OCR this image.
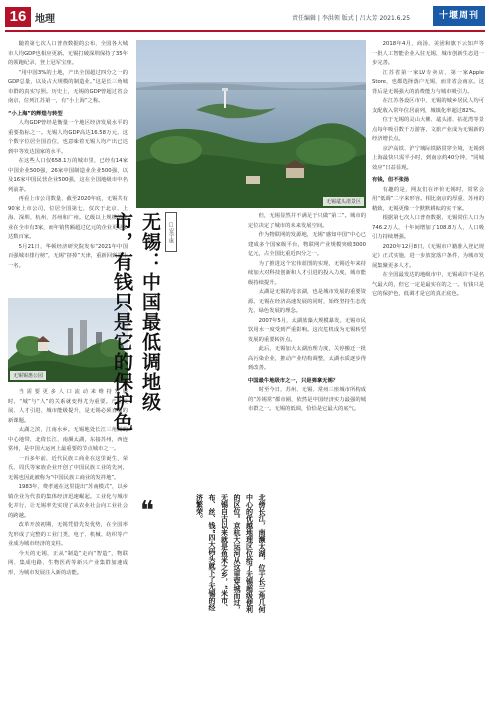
16 地理	责任编辑 | 李洪领 版式 | 吕大芳 2021.6.25	十堰周刊

随着第七次人口普查数据的公布，全国各大城市人均GDP也相应更新。无锡打破深圳保持了35年的领跑纪录，登上冠军宝座。

“用中国3%的土地，产出全国超过四分之一的GDP总量，以及占大规模的制造业。”这是长三角城市群的真实写照。历史上，无锡的GDP曾超过省会南京，位列江苏第一，有“小上海”之称。

“小上海”的辉煌与转型

人均GDP曾经是衡量一个地区经济发展水平的重要指标之一。无锡人均GDP高达16.58万元，这个数字位居全国首位，也意味着无锡人均产出已达到中等发达国家的水平。

在这些人口仅658.1万的城市里，已经有14家中国企业500强，26家中国制造业企业500强，以及16家中国民营企业500强，这在全国地级市中名列前茅。

再看上市公司数量，截至2020年底，无锡共有90家上市公司，位居全国第七，仅次于北京、上海、深圳、杭州、苏州和广州。亿级以上规模的企业在全市有3家，而年销售额超过亿元的企业更是多达数百家。

5月21日，华顿经济研究院发布“2021年中国百强城市排行榜”，无锡“挤掉”天津，重新回到第十一名。

无锡锡惠公园

当需要更多人口流动来维持发展时，“城”与“人”的关系就变得尤为重要。产业发展、人才引进、城市能级提升，是无锡必须直面的新课题。

太湖之滨，江南水乡。无锡地处长江三角洲的中心地带，北倚长江、南濒太湖，东接苏州，西连常州，是中国大运河上最重要的节点城市之一。

一百多年前，近代民族工商业在这里诞生，荣氏、周氏等家族企业开创了中国民族工业的先河，无锡也因此被称为“中国民族工商业的发祥地”。

1983年，费孝通在这里提出“苏南模式”，以乡镇企业为代表的集体经济迅速崛起。工业化与城市化并行，让无锡率先实现了从农业社会向工业社会的跨越。

改革开放初期，无锡凭借先发优势，在全国率先形成了完整的工业门类，电子、机械、纺织等产业成为城市经济的支柱。

今天的无锡，正从“制造”走向“智造”，物联网、集成电路、生物医药等新兴产业集群加速成形，为城市发展注入新的动能。

无锡鼋头渚景区
无锡：中国最低调地级市，有钱只是它的保护色	□安宇康
❝	北傍长江，南濒太湖，位于长三角几何中心的优越地理区位给了无锡超级便利的区位。京杭大运河从这里穿城而过，无锡自古以来就是鱼米之乡，“米市、布、丝、钱”四大码头就下了无锡的经济繁荣。

但，无锡显然并不满足于只做“第二”。城市的定位决定了城市的未来发展空间。

作为物联网的发源地，无锡“感知中国”中心已建成多个国家级平台，物联网产业规模突破3000亿元，占全国比重近四分之一。

为了推进这个宏伟蓝图的实现，无锡近年来持续加大对科技创新和人才引进的投入力度，城市能级持续提升。

太湖是无锡的母亲湖，也是城市发展的重要资源。无锡在经济高速发展的同时，始终坚持生态优先、绿色发展的理念。

2007年5月，太湖蓝藻大规模暴发，无锡市民饮用水一度受到严重影响。这次危机成为无锡转型发展的重要转折点。

此后，无锡加大太湖治理力度，关停搬迁一批高污染企业，推动产业结构调整，太湖水质逐步得到改善。

中国最牛地级市之一，只是弹拿无锡？

时至今日，苏州、无锡、常州三座城市所构成的“苏锡常”都市圈，依然是中国经济实力最强的城市群之一。无锡的低调，恰恰是它最大的底气。

2018年4月，商汤、美团和旗下云知声等一批人工智能企业入驻无锡，城市创新生态进一步完善。

江苏省第一家LV专卖店、第一家Apple Store，也都选择落户无锡，而非省会南京。这背后是无锡强大的消费能力与城市吸引力。

在江苏各设区市中，无锡的城乡居民人均可支配收入常年位居前列，城镇化率超过82%。

位于无锡的灵山大佛、鼋头渚、拈花湾等景点每年吸引数千万游客，文旅产业成为无锡新的经济增长点。

京沪高铁、沪宁城际铁路贯穿全境，无锡到上海最快只需半小时，到南京约40分钟，“同城效应”日益显现。

有钱，但不张扬

有趣的是，网友们在评价无锡时，常常会用“低调”二字来形容。相比南京的厚重、苏州的精致，无锡更像一个默默耕耘的实干家。

根据第七次人口普查数据，无锡常住人口为746.2万人，十年间增加了108.8万人，人口吸引力持续增强。

2020年12月8日，《无锡市户籍准入登记规定》正式实施，进一步放宽落户条件，为城市发展集聚更多人才。

在全国最发达的地级市中，无锡或许不是名气最大的，但它一定是最实在的之一。有钱只是它的保护色，低调才是它的真正底色。
